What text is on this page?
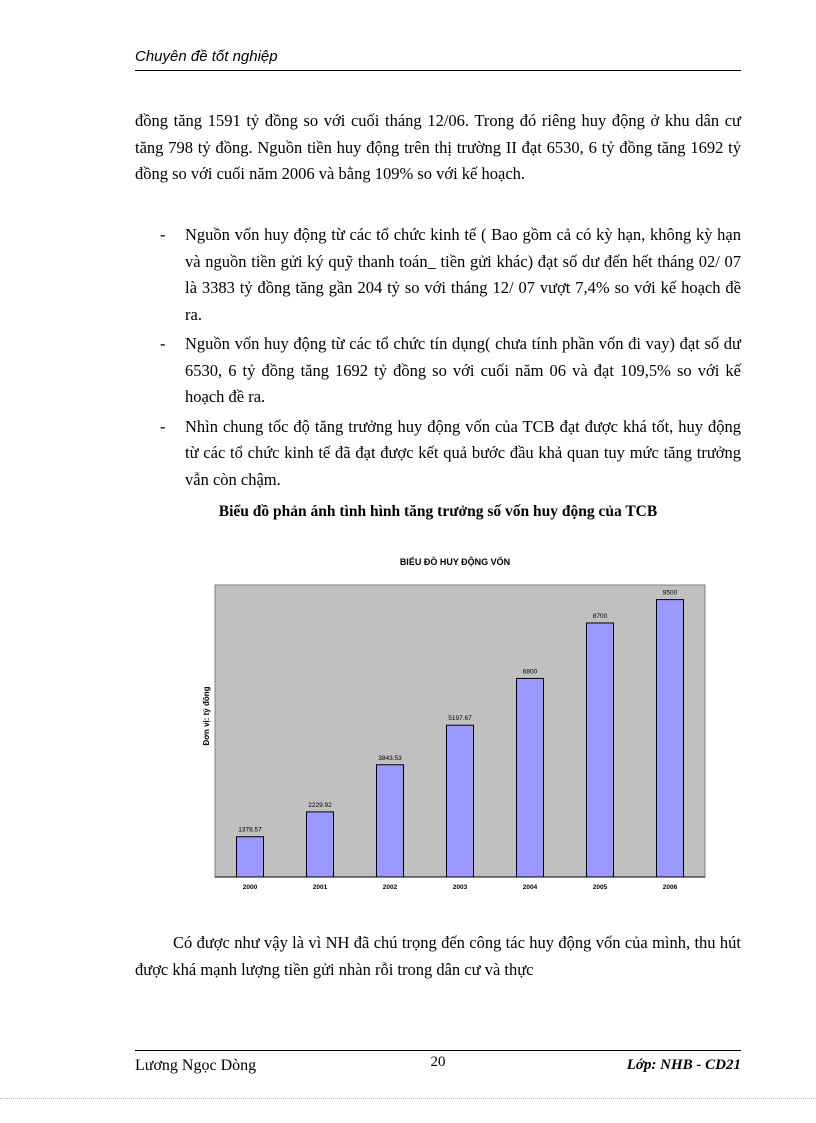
Chuyên đề tốt nghiệp

đồng tăng 1591 tỷ đồng so với cuối tháng 12/06. Trong đó riêng huy động ở khu dân cư tăng 798 tỷ đồng. Nguồn tiền huy động trên thị trường II đạt 6530, 6 tỷ đồng tăng 1692 tỷ đồng so với cuối năm 2006 và bằng 109% so với kế hoạch.

- Nguồn vốn huy động từ các tổ chức kinh tế ( Bao gồm cả có kỳ hạn, không kỳ hạn và nguồn tiền gửi ký quỹ thanh toán_ tiền gửi khác) đạt số dư đến hết tháng 02/ 07 là 3383 tỷ đồng tăng gần 204 tỷ so với tháng 12/ 07 vượt 7,4% so với kế hoạch đề ra.
- Nguồn vốn huy động từ các tổ chức tín dụng( chưa tính phần vốn đi vay) đạt số dư 6530, 6 tỷ đồng tăng 1692 tỷ đồng so với cuối năm 06 và đạt 109,5% so với kế hoạch đề ra.
- Nhìn chung tốc độ tăng trưởng huy động vốn của TCB đạt được khá tốt, huy động từ các tổ chức kinh tế đã đạt được kết quả bước đầu khả quan tuy mức tăng trưởng vẫn còn chậm.
Biểu đồ phản ánh tình hình tăng trưởng số vốn huy động của TCB
BIỂU ĐỒ HUY ĐỘNG VỐN
Đơn vị: tỷ đồng
1378.57
2000
2229.92
2001
3843.53
2002
5197.67
2003
6800
2004
8700
2005
9500
2006

Có được như vậy là vì NH đã chú trọng đến công tác huy động vốn của mình, thu hút được khá mạnh lượng tiền gửi nhàn rỗi trong dân cư và thực

Lương Ngọc Dòng	20	Lớp: NHB - CD21
